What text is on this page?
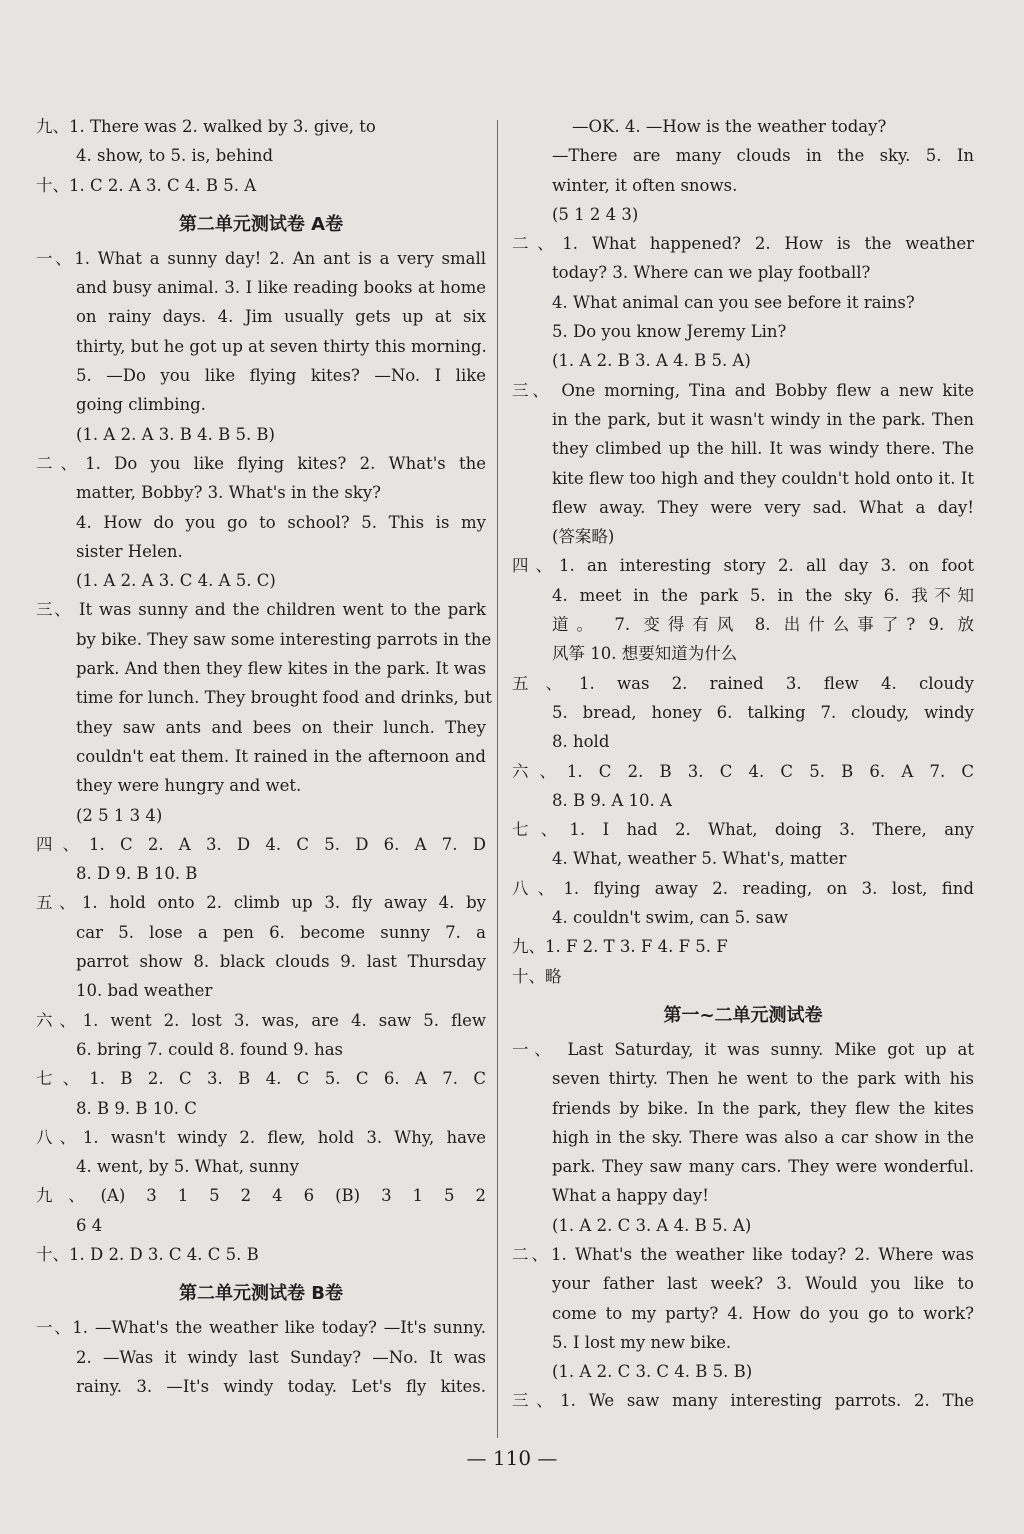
九、1. There was 2. walked by 3. give, to
4. show, to 5. is, behind
十、1. C 2. A 3. C 4. B 5. A
第二单元测试卷 A卷
一、1. What a sunny day! 2. An ant is a very small
and busy animal. 3. I like reading books at home
on rainy days. 4. Jim usually gets up at six
thirty, but he got up at seven thirty this morning.
5. —Do you like flying kites? —No. I like
going climbing.
(1. A 2. A 3. B 4. B 5. B)
二、1. Do you like flying kites? 2. What's the
matter, Bobby? 3. What's in the sky?
4. How do you go to school? 5. This is my
sister Helen.
(1. A 2. A 3. C 4. A 5. C)
三、 It was sunny and the children went to the park
by bike. They saw some interesting parrots in the
park. And then they flew kites in the park. It was
time for lunch. They brought food and drinks, but
they saw ants and bees on their lunch. They
couldn't eat them. It rained in the afternoon and
they were hungry and wet.
(2 5 1 3 4)
四、1. C 2. A 3. D 4. C 5. D 6. A 7. D
8. D 9. B 10. B
五、1. hold onto 2. climb up 3. fly away 4. by
car 5. lose a pen 6. become sunny 7. a
parrot show 8. black clouds 9. last Thursday
10. bad weather
六、1. went 2. lost 3. was, are 4. saw 5. flew
6. bring 7. could 8. found 9. has
七、1. B 2. C 3. B 4. C 5. C 6. A 7. C
8. B 9. B 10. C
八、1. wasn't windy 2. flew, hold 3. Why, have
4. went, by 5. What, sunny
九、(A) 3 1 5 2 4 6 (B) 3 1 5 2
6 4
十、1. D 2. D 3. C 4. C 5. B
第二单元测试卷 B卷
一、1. —What's the weather like today? —It's sunny.
2. —Was it windy last Sunday? —No. It was
rainy. 3. —It's windy today. Let's fly kites.
—OK. 4. —How is the weather today?
—There are many clouds in the sky. 5. In
winter, it often snows.
(5 1 2 4 3)
二、1. What happened? 2. How is the weather
today? 3. Where can we play football?
4. What animal can you see before it rains?
5. Do you know Jeremy Lin?
(1. A 2. B 3. A 4. B 5. A)
三、 One morning, Tina and Bobby flew a new kite
in the park, but it wasn't windy in the park. Then
they climbed up the hill. It was windy there. The
kite flew too high and they couldn't hold onto it. It
flew away. They were very sad. What a day!
(答案略)
四、1. an interesting story 2. all day 3. on foot
4. meet in the park 5. in the sky 6. 我不知
道。 7. 变得有风 8. 出什么事了? 9. 放
风筝 10. 想要知道为什么
五、1. was 2. rained 3. flew 4. cloudy
5. bread, honey 6. talking 7. cloudy, windy
8. hold
六、1. C 2. B 3. C 4. C 5. B 6. A 7. C
8. B 9. A 10. A
七、1. I had 2. What, doing 3. There, any
4. What, weather 5. What's, matter
八、1. flying away 2. reading, on 3. lost, find
4. couldn't swim, can 5. saw
九、1. F 2. T 3. F 4. F 5. F
十、略
第一~二单元测试卷
一、 Last Saturday, it was sunny. Mike got up at
seven thirty. Then he went to the park with his
friends by bike. In the park, they flew the kites
high in the sky. There was also a car show in the
park. They saw many cars. They were wonderful.
What a happy day!
(1. A 2. C 3. A 4. B 5. A)
二、1. What's the weather like today? 2. Where was
your father last week? 3. Would you like to
come to my party? 4. How do you go to work?
5. I lost my new bike.
(1. A 2. C 3. C 4. B 5. B)
三、1. We saw many interesting parrots. 2. The
— 110 —
